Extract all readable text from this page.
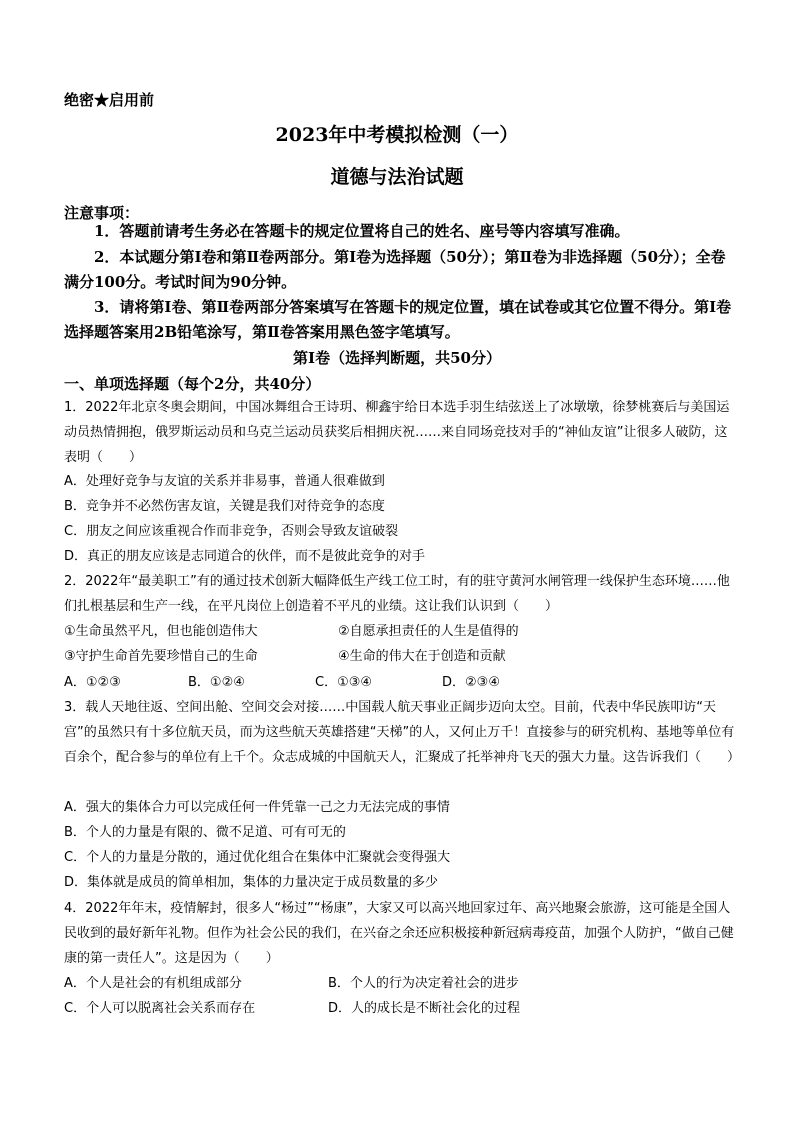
绝密★启用前
2023年中考模拟检测（一）
道德与法治试题
注意事项：
1．答题前请考生务必在答题卡的规定位置将自己的姓名、座号等内容填写准确。
2．本试题分第Ⅰ卷和第Ⅱ卷两部分。第Ⅰ卷为选择题（50分）；第Ⅱ卷为非选择题（50分）；全卷满分100分。考试时间为90分钟。
3．请将第Ⅰ卷、第Ⅱ卷两部分答案填写在答题卡的规定位置，填在试卷或其它位置不得分。第Ⅰ卷选择题答案用2B铅笔涂写，第Ⅱ卷答案用黑色签字笔填写。
第Ⅰ卷（选择判断题，共50分）
一、单项选择题（每个2分，共40分）
1．2022年北京冬奥会期间，中国冰舞组合王诗玥、柳鑫宇给日本选手羽生结弦送上了冰墩墩，徐梦桃赛后与美国运动员热情拥抱，俄罗斯运动员和乌克兰运动员获奖后相拥庆祝……来自同场竞技对手的“神仙友谊”让很多人破防，这表明（　　）
A．处理好竞争与友谊的关系并非易事，普通人很难做到
B．竞争并不必然伤害友谊，关键是我们对待竞争的态度
C．朋友之间应该重视合作而非竞争，否则会导致友谊破裂
D．真正的朋友应该是志同道合的伙伴，而不是彼此竞争的对手
2．2022年“最美职工”有的通过技术创新大幅降低生产线工位工时，有的驻守黄河水闸管理一线保护生态环境……他们扎根基层和生产一线，在平凡岗位上创造着不平凡的业绩。这让我们认识到（　　）
①生命虽然平凡，但也能创造伟大	②自愿承担责任的人生是值得的
③守护生命首先要珍惜自己的生命	④生命的伟大在于创造和贡献
A．①②③	B．①②④	C．①③④	D．②③④
3．载人天地往返、空间出舱、空间交会对接……中国载人航天事业正阔步迈向太空。目前，代表中华民族叩访“天宫”的虽然只有十多位航天员，而为这些航天英雄搭建“天梯”的人，又何止万千！直接参与的研究机构、基地等单位有百余个，配合参与的单位有上千个。众志成城的中国航天人，汇聚成了托举神舟飞天的强大力量。这告诉我们（　　）
A．强大的集体合力可以完成任何一件凭靠一己之力无法完成的事情
B．个人的力量是有限的、微不足道、可有可无的
C．个人的力量是分散的，通过优化组合在集体中汇聚就会变得强大
D．集体就是成员的简单相加，集体的力量决定于成员数量的多少
4．2022年年末，疫情解封，很多人“杨过”“杨康”，大家又可以高兴地回家过年、高兴地聚会旅游，这可能是全国人民收到的最好新年礼物。但作为社会公民的我们，在兴奋之余还应积极接种新冠病毒疫苗，加强个人防护，“做自己健康的第一责任人”。这是因为（　　）
A．个人是社会的有机组成部分	B．个人的行为决定着社会的进步
C．个人可以脱离社会关系而存在	D．人的成长是不断社会化的过程
